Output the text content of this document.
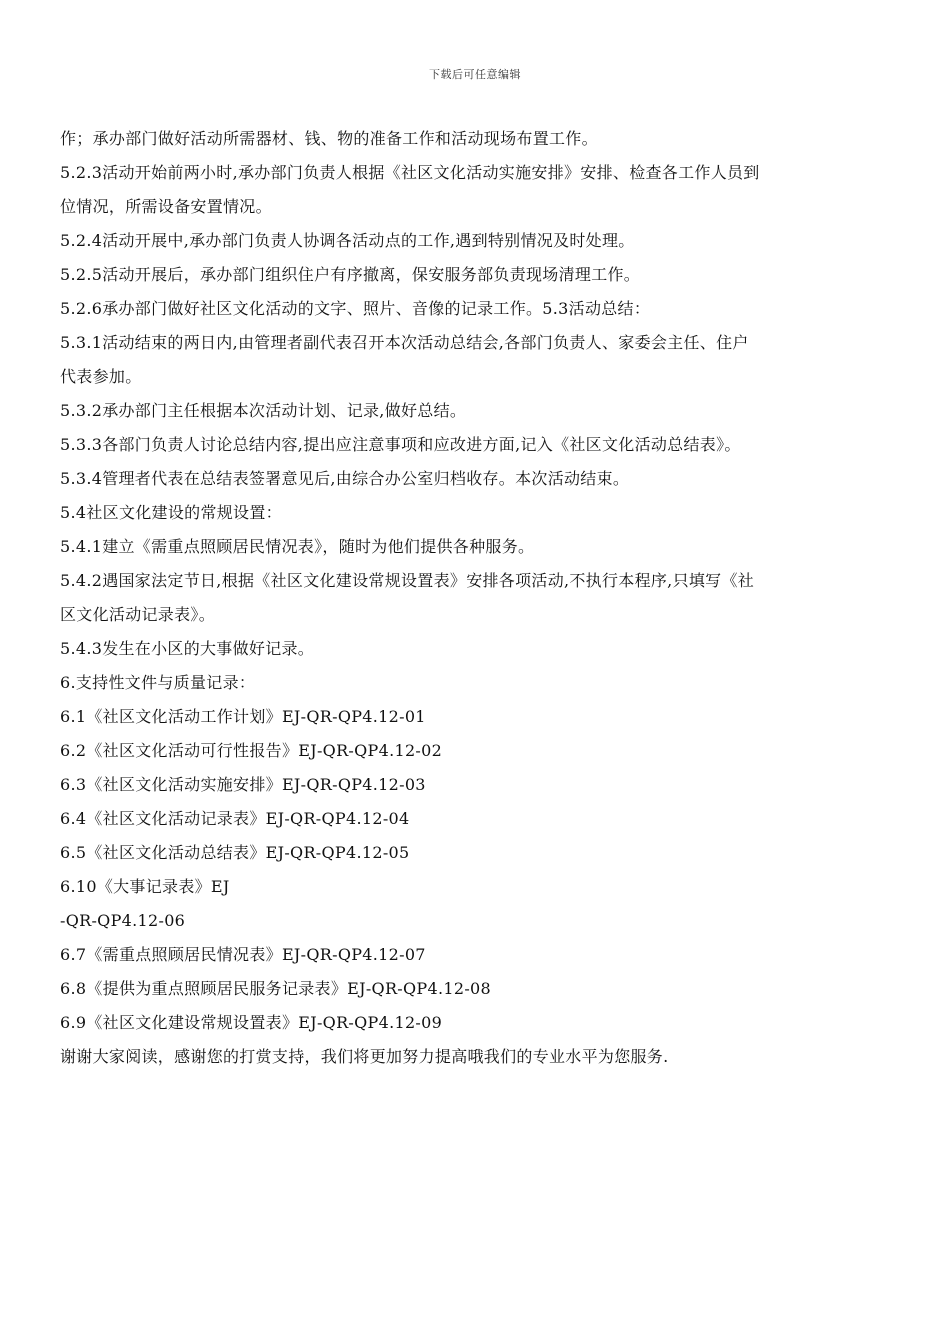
下载后可任意编辑
作；承办部门做好活动所需器材、钱、物的准备工作和活动现场布置工作。
5.2.3活动开始前两小时,承办部门负责人根据《社区文化活动实施安排》安排、检查各工作人员到
位情况，所需设备安置情况。
5.2.4活动开展中,承办部门负责人协调各活动点的工作,遇到特别情况及时处理。
5.2.5活动开展后，承办部门组织住户有序撤离，保安服务部负责现场清理工作。
5.2.6承办部门做好社区文化活动的文字、照片、音像的记录工作。5.3活动总结：
5.3.1活动结束的两日内,由管理者副代表召开本次活动总结会,各部门负责人、家委会主任、住户
代表参加。
5.3.2承办部门主任根据本次活动计划、记录,做好总结。
5.3.3各部门负责人讨论总结内容,提出应注意事项和应改进方面,记入《社区文化活动总结表》。
5.3.4管理者代表在总结表签署意见后,由综合办公室归档收存。本次活动结束。
5.4社区文化建设的常规设置：
5.4.1建立《需重点照顾居民情况表》，随时为他们提供各种服务。
5.4.2遇国家法定节日,根据《社区文化建设常规设置表》安排各项活动,不执行本程序,只填写《社
区文化活动记录表》。
5.4.3发生在小区的大事做好记录。
6.支持性文件与质量记录：
6.1《社区文化活动工作计划》EJ-QR-QP4.12-01
6.2《社区文化活动可行性报告》EJ-QR-QP4.12-02
6.3《社区文化活动实施安排》EJ-QR-QP4.12-03
6.4《社区文化活动记录表》EJ-QR-QP4.12-04
6.5《社区文化活动总结表》EJ-QR-QP4.12-05
6.10《大事记录表》EJ
-QR-QP4.12-06
6.7《需重点照顾居民情况表》EJ-QR-QP4.12-07
6.8《提供为重点照顾居民服务记录表》EJ-QR-QP4.12-08
6.9《社区文化建设常规设置表》EJ-QR-QP4.12-09
谢谢大家阅读，感谢您的打赏支持，我们将更加努力提高哦我们的专业水平为您服务.
